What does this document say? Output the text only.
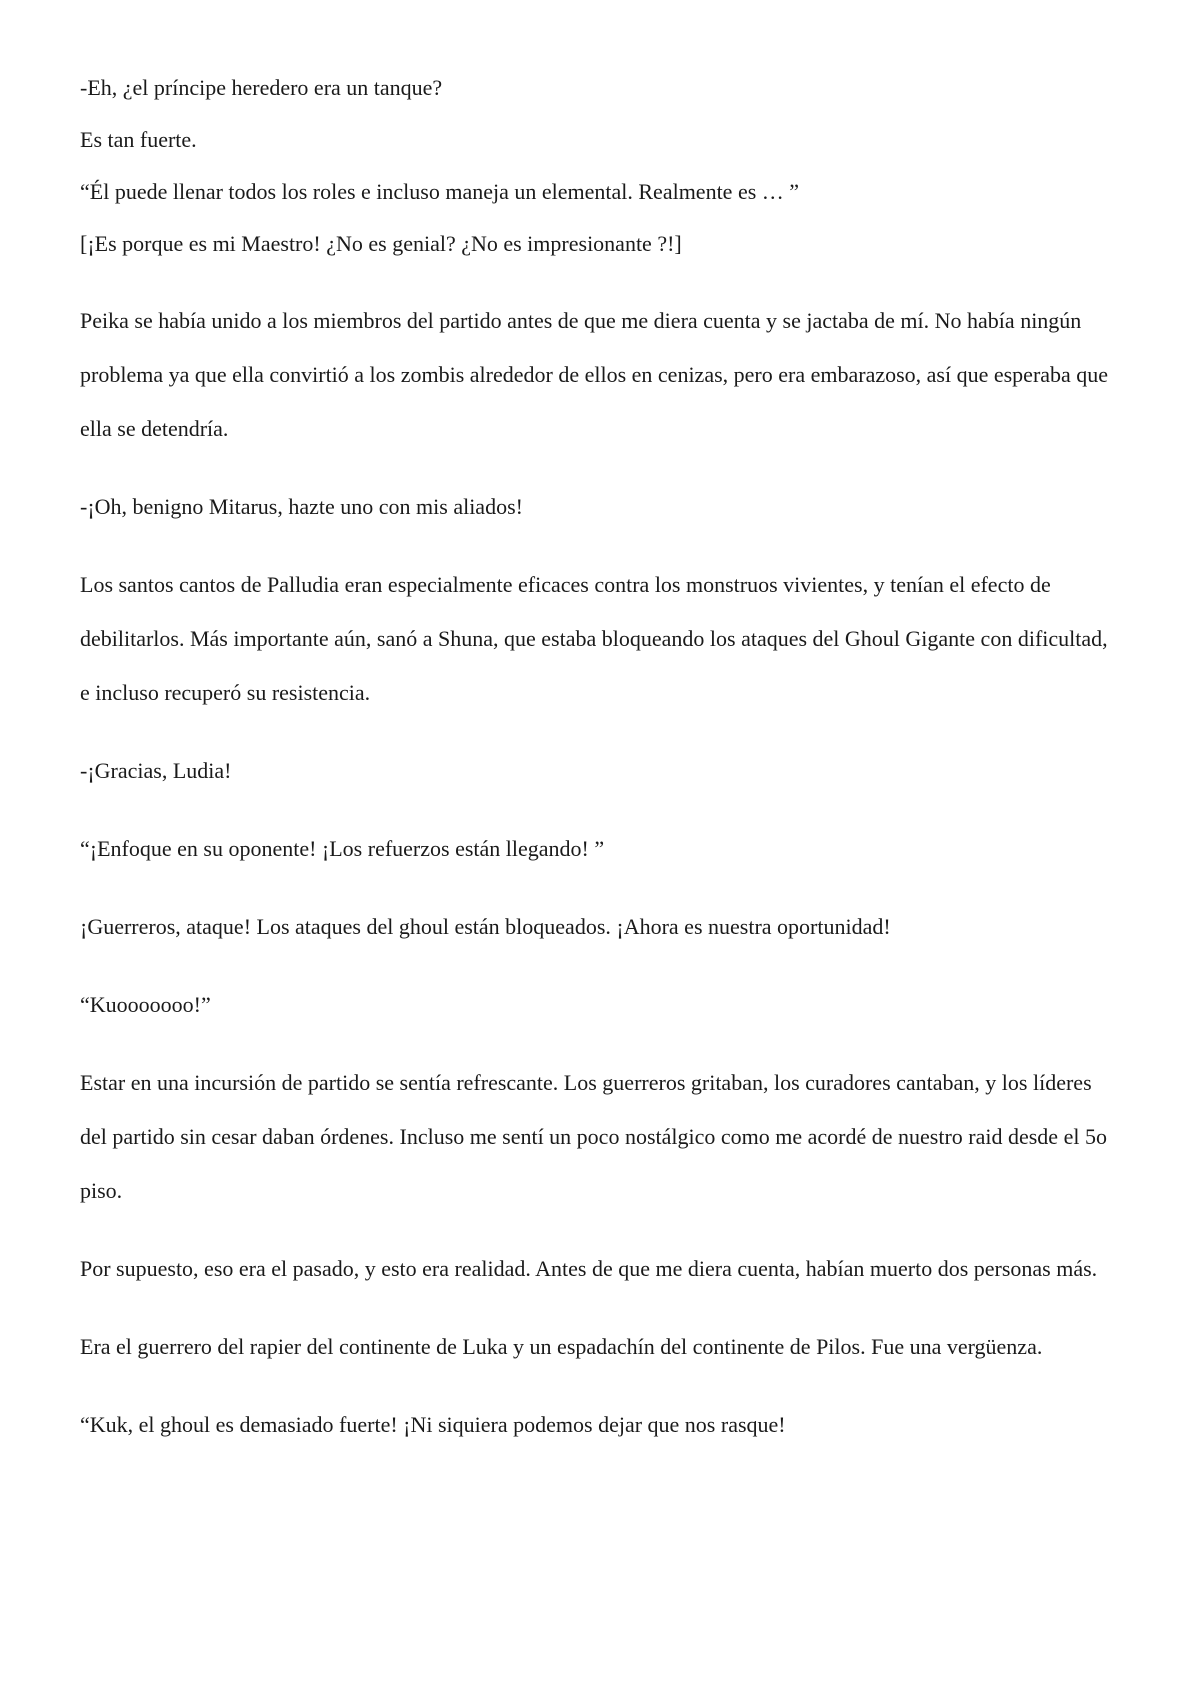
-Eh, ¿el príncipe heredero era un tanque?

Es tan fuerte.

“Él puede llenar todos los roles e incluso maneja un elemental. Realmente es … ”

[¡Es porque es mi Maestro! ¿No es genial? ¿No es impresionante ?!]

Peika se había unido a los miembros del partido antes de que me diera cuenta y se jactaba de mí. No había ningún problema ya que ella convirtió a los zombis alrededor de ellos en cenizas, pero era embarazoso, así que esperaba que ella se detendría.

-¡Oh, benigno Mitarus, hazte uno con mis aliados!

Los santos cantos de Palludia eran especialmente eficaces contra los monstruos vivientes, y tenían el efecto de debilitarlos. Más importante aún, sanó a Shuna, que estaba bloqueando los ataques del Ghoul Gigante con dificultad, e incluso recuperó su resistencia.

-¡Gracias, Ludia!

“¡Enfoque en su oponente! ¡Los refuerzos están llegando! ”

¡Guerreros, ataque! Los ataques del ghoul están bloqueados. ¡Ahora es nuestra oportunidad!

“Kuooooooo!”

Estar en una incursión de partido se sentía refrescante. Los guerreros gritaban, los curadores cantaban, y los líderes del partido sin cesar daban órdenes. Incluso me sentí un poco nostálgico como me acordé de nuestro raid desde el 5o piso.

Por supuesto, eso era el pasado, y esto era realidad. Antes de que me diera cuenta, habían muerto dos personas más.

Era el guerrero del rapier del continente de Luka y un espadachín del continente de Pilos. Fue una vergüenza.

“Kuk, el ghoul es demasiado fuerte! ¡Ni siquiera podemos dejar que nos rasque!
